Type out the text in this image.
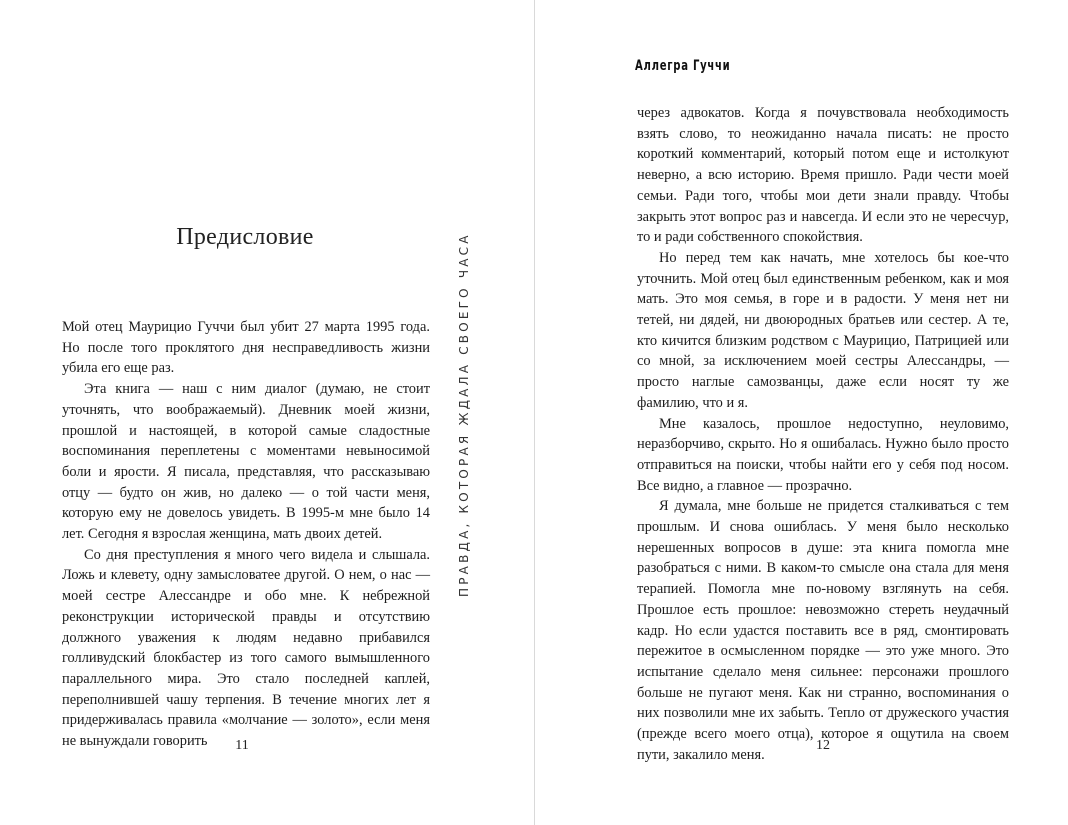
Предисловие	ПРАВДА, КОТОРАЯ ЖДАЛА СВОЕГО ЧАСА

Мой отец Маурицио Гуччи был убит 27 марта 1995 года. Но после того проклятого дня несправедливость жизни убила его еще раз.

Эта книга — наш с ним диалог (думаю, не стоит уточнять, что воображаемый). Дневник моей жизни, прошлой и настоящей, в которой самые сладостные воспоминания переплетены с моментами невыносимой боли и ярости. Я писала, представляя, что рассказываю отцу — будто он жив, но далеко — о той части меня, которую ему не довелось увидеть. В 1995-м мне было 14 лет. Сегодня я взрослая женщина, мать двоих детей.

Со дня преступления я много чего видела и слышала. Ложь и клевету, одну замысловатее другой. О нем, о нас — моей сестре Алессандре и обо мне. К небрежной реконструкции исторической правды и отсутствию должного уважения к людям недавно прибавился голливудский блокбастер из того самого вымышленного параллельного мира. Это стало последней каплей, переполнившей чашу терпения. В течение многих лет я придерживалась правила «молчание — золото», если меня не вынуждали говорить	11
Аллегра Гуччи

через адвокатов. Когда я почувствовала необходимость взять слово, то неожиданно начала писать: не просто короткий комментарий, который потом еще и истолкуют неверно, а всю историю. Время пришло. Ради чести моей семьи. Ради того, чтобы мои дети знали правду. Чтобы закрыть этот вопрос раз и навсегда. И если это не чересчур, то и ради собственного спокойствия.

Но перед тем как начать, мне хотелось бы кое-что уточнить. Мой отец был единственным ребенком, как и моя мать. Это моя семья, в горе и в радости. У меня нет ни тетей, ни дядей, ни двоюродных братьев или сестер. А те, кто кичится близким родством с Маурицио, Патрицией или со мной, за исключением моей сестры Алессандры, — просто наглые самозванцы, даже если носят ту же фамилию, что и я.

Мне казалось, прошлое недоступно, неуловимо, неразборчиво, скрыто. Но я ошибалась. Нужно было просто отправиться на поиски, чтобы найти его у себя под носом. Все видно, а главное — прозрачно.

Я думала, мне больше не придется сталкиваться с тем прошлым. И снова ошиблась. У меня было несколько нерешенных вопросов в душе: эта книга помогла мне разобраться с ними. В каком-то смысле она стала для меня терапией. Помогла мне по-новому взглянуть на себя. Прошлое есть прошлое: невозможно стереть неудачный кадр. Но если удастся поставить все в ряд, смонтировать пережитое в осмысленном порядке — это уже много. Это испытание сделало меня сильнее: персонажи прошлого больше не пугают меня. Как ни странно, воспоминания о них позволили мне их забыть. Тепло от дружеского участия (прежде всего моего отца), которое я ощутила на своем пути, закалило меня.

12
